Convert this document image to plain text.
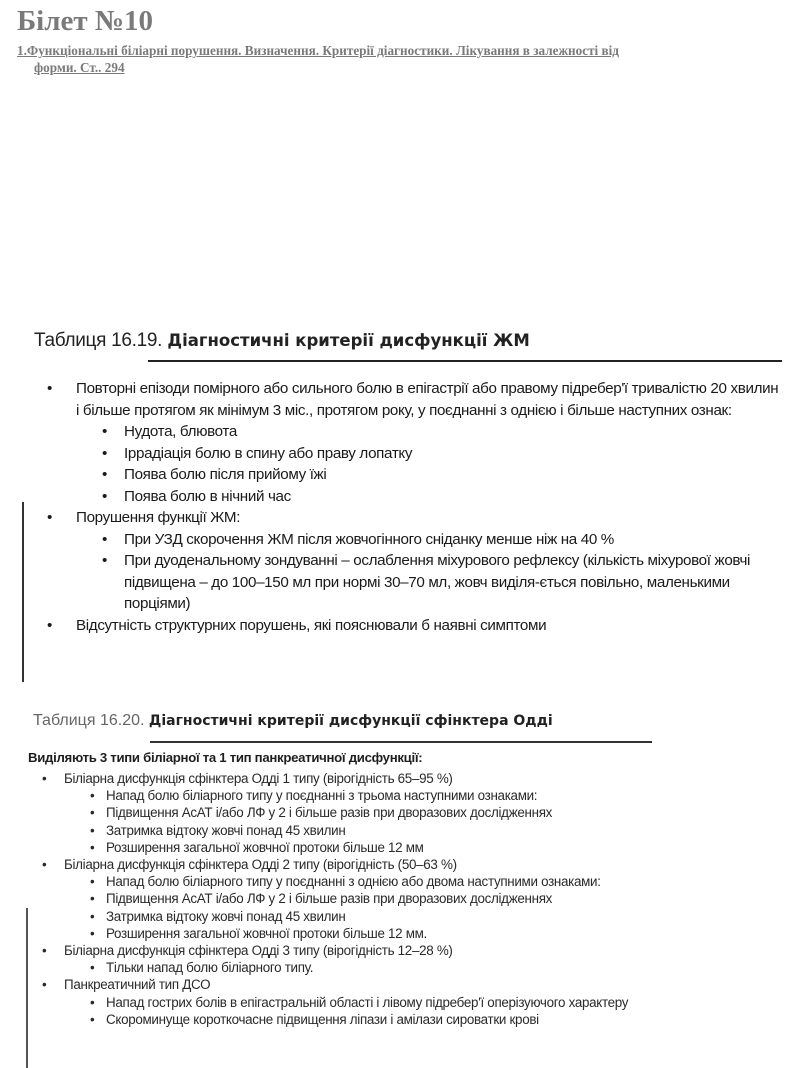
Білет №10

1.Функціональні біліарні порушення. Визначення. Критерії діагностики. Лікування в залежності від
форми. Ст.. 294

Таблиця 16.19. Діагностичні критерії дисфункції ЖМ
• Повторні епізоди помірного або сильного болю в епігастрії або правому підребер'ї тривалістю 20 хвилин і більше протягом як мінімум 3 міс., протягом року, у поєднанні з однією і більше наступних ознак:
• Нудота, блювота
• Іррадіація болю в спину або праву лопатку
• Поява болю після прийому їжі
• Поява болю в нічний час
• Порушення функції ЖМ:
• При УЗД скорочення ЖМ після жовчогінного сніданку менше ніж на 40 %
• При дуоденальному зондуванні – ослаблення міхурового рефлексу (кількість міхурової жовчі підвищена – до 100–150 мл при нормі 30–70 мл, жовч виділя-ється повільно, маленькими порціями)
• Відсутність структурних порушень, які пояснювали б наявні симптоми
Таблиця 16.20. Діагностичні критерії дисфункції сфінктера Одді
Виділяють 3 типи біліарної та 1 тип панкреатичної дисфункції:
• Біліарна дисфункція сфінктера Одді 1 типу (вірогідність 65–95 %)
• Напад болю біліарного типу у поєднанні з трьома наступними ознаками:
• Підвищення АсАТ і/або ЛФ у 2 і більше разів при дворазових дослідженнях
• Затримка відтоку жовчі понад 45 хвилин
• Розширення загальної жовчної протоки більше 12 мм
• Біліарна дисфункція сфінктера Одді 2 типу (вірогідність (50–63 %)
• Напад болю біліарного типу у поєднанні з однією або двома наступними ознаками:
• Підвищення АсАТ і/або ЛФ у 2 і більше разів при дворазових дослідженнях
• Затримка відтоку жовчі понад 45 хвилин
• Розширення загальної жовчної протоки більше 12 мм.
• Біліарна дисфункція сфінктера Одді 3 типу (вірогідність 12–28 %)
• Тільки напад болю біліарного типу.
• Панкреатичний тип ДСО
• Напад гострих болів в епігастральній області і лівому підребер'ї оперізуючого характеру
• Скороминуще короткочасне підвищення ліпази і амілази сироватки крові
